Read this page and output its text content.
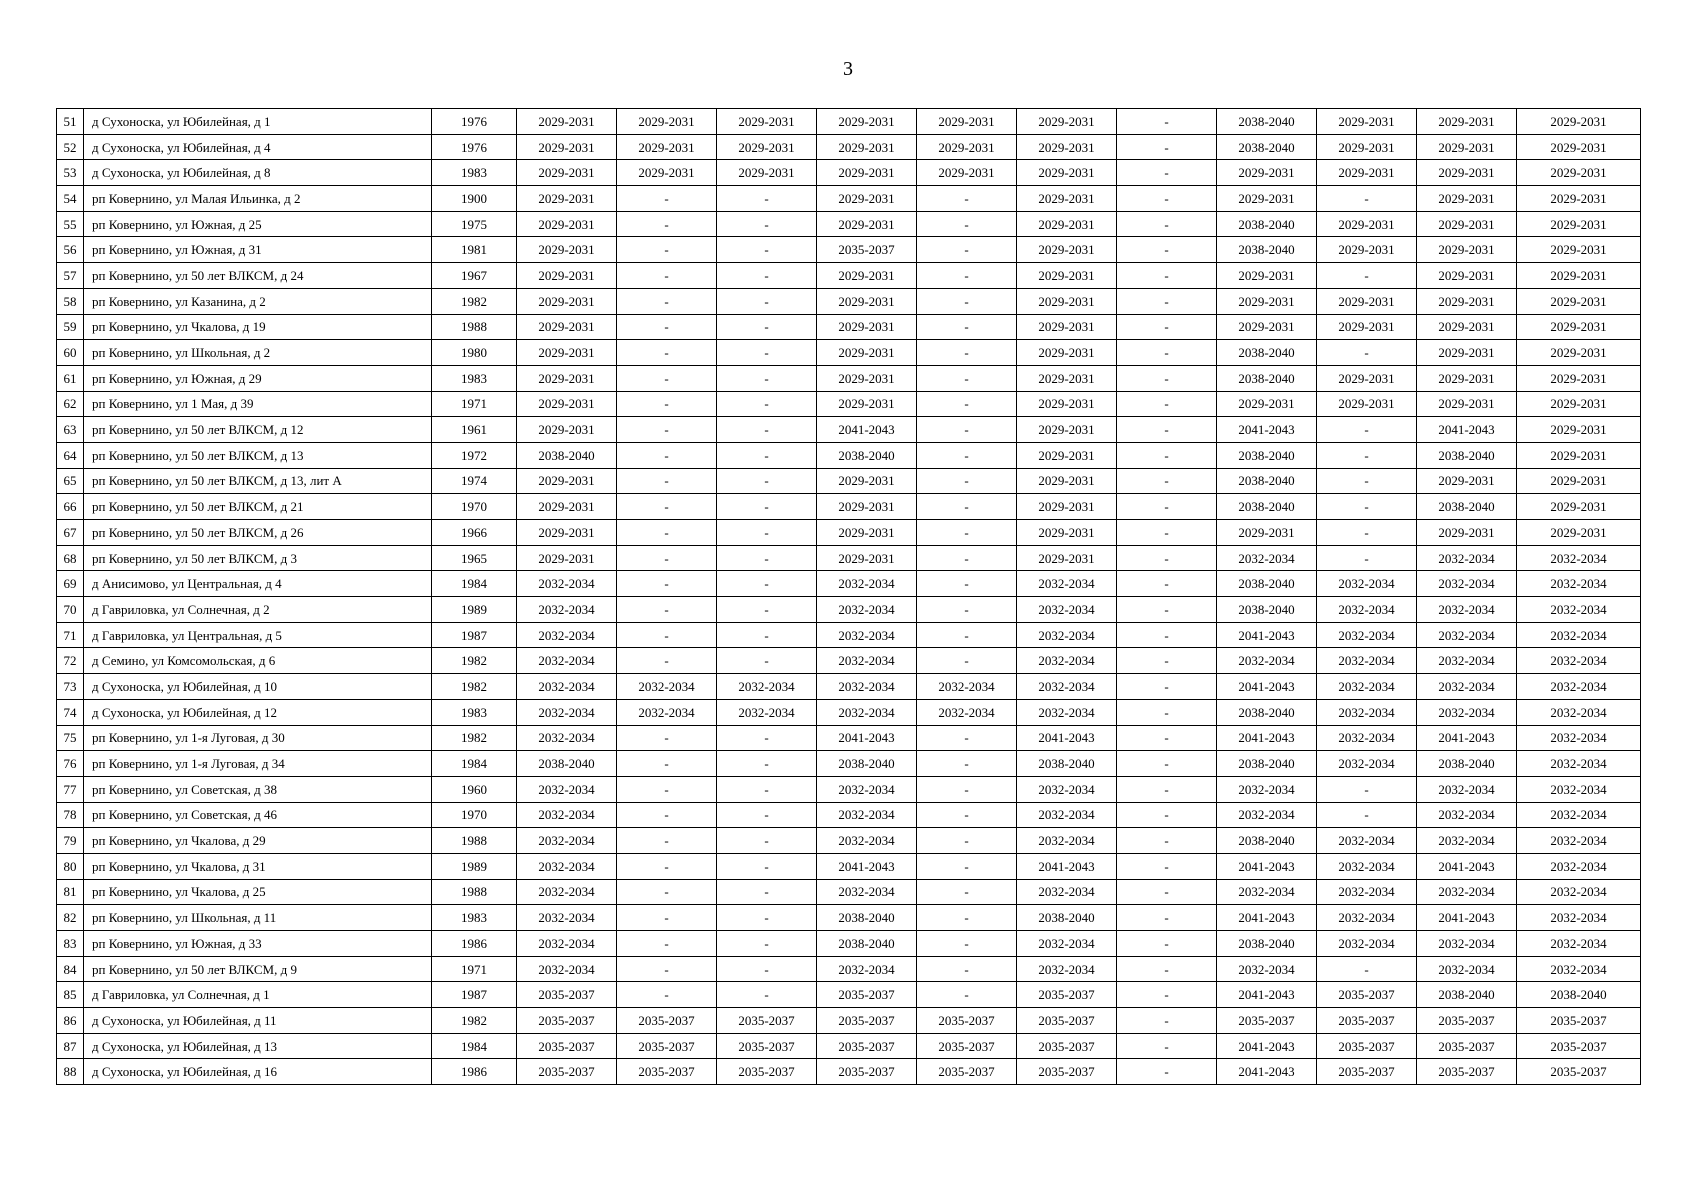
3
51	д Сухоноска, ул Юбилейная, д 1	1976	2029-2031	2029-2031	2029-2031	2029-2031	2029-2031	2029-2031	-	2038-2040	2029-2031	2029-2031	2029-2031
52	д Сухоноска, ул Юбилейная, д 4	1976	2029-2031	2029-2031	2029-2031	2029-2031	2029-2031	2029-2031	-	2038-2040	2029-2031	2029-2031	2029-2031
53	д Сухоноска, ул Юбилейная, д 8	1983	2029-2031	2029-2031	2029-2031	2029-2031	2029-2031	2029-2031	-	2029-2031	2029-2031	2029-2031	2029-2031
54	рп Ковернино, ул Малая Ильинка, д 2	1900	2029-2031	-	-	2029-2031	-	2029-2031	-	2029-2031	-	2029-2031	2029-2031
55	рп Ковернино, ул Южная, д 25	1975	2029-2031	-	-	2029-2031	-	2029-2031	-	2038-2040	2029-2031	2029-2031	2029-2031
56	рп Ковернино, ул Южная, д 31	1981	2029-2031	-	-	2035-2037	-	2029-2031	-	2038-2040	2029-2031	2029-2031	2029-2031
57	рп Ковернино, ул 50 лет ВЛКСМ, д 24	1967	2029-2031	-	-	2029-2031	-	2029-2031	-	2029-2031	-	2029-2031	2029-2031
58	рп Ковернино, ул Казанина, д 2	1982	2029-2031	-	-	2029-2031	-	2029-2031	-	2029-2031	2029-2031	2029-2031	2029-2031
59	рп Ковернино, ул Чкалова, д 19	1988	2029-2031	-	-	2029-2031	-	2029-2031	-	2029-2031	2029-2031	2029-2031	2029-2031
60	рп Ковернино, ул Школьная, д 2	1980	2029-2031	-	-	2029-2031	-	2029-2031	-	2038-2040	-	2029-2031	2029-2031
61	рп Ковернино, ул Южная, д 29	1983	2029-2031	-	-	2029-2031	-	2029-2031	-	2038-2040	2029-2031	2029-2031	2029-2031
62	рп Ковернино, ул 1 Мая, д 39	1971	2029-2031	-	-	2029-2031	-	2029-2031	-	2029-2031	2029-2031	2029-2031	2029-2031
63	рп Ковернино, ул 50 лет ВЛКСМ, д 12	1961	2029-2031	-	-	2041-2043	-	2029-2031	-	2041-2043	-	2041-2043	2029-2031
64	рп Ковернино, ул 50 лет ВЛКСМ, д 13	1972	2038-2040	-	-	2038-2040	-	2029-2031	-	2038-2040	-	2038-2040	2029-2031
65	рп Ковернино, ул 50 лет ВЛКСМ, д 13, лит А	1974	2029-2031	-	-	2029-2031	-	2029-2031	-	2038-2040	-	2029-2031	2029-2031
66	рп Ковернино, ул 50 лет ВЛКСМ, д 21	1970	2029-2031	-	-	2029-2031	-	2029-2031	-	2038-2040	-	2038-2040	2029-2031
67	рп Ковернино, ул 50 лет ВЛКСМ, д 26	1966	2029-2031	-	-	2029-2031	-	2029-2031	-	2029-2031	-	2029-2031	2029-2031
68	рп Ковернино, ул 50 лет ВЛКСМ, д 3	1965	2029-2031	-	-	2029-2031	-	2029-2031	-	2032-2034	-	2032-2034	2032-2034
69	д Анисимово, ул Центральная, д 4	1984	2032-2034	-	-	2032-2034	-	2032-2034	-	2038-2040	2032-2034	2032-2034	2032-2034
70	д Гавриловка, ул Солнечная, д 2	1989	2032-2034	-	-	2032-2034	-	2032-2034	-	2038-2040	2032-2034	2032-2034	2032-2034
71	д Гавриловка, ул Центральная, д 5	1987	2032-2034	-	-	2032-2034	-	2032-2034	-	2041-2043	2032-2034	2032-2034	2032-2034
72	д Семино, ул Комсомольская, д 6	1982	2032-2034	-	-	2032-2034	-	2032-2034	-	2032-2034	2032-2034	2032-2034	2032-2034
73	д Сухоноска, ул Юбилейная, д 10	1982	2032-2034	2032-2034	2032-2034	2032-2034	2032-2034	2032-2034	-	2041-2043	2032-2034	2032-2034	2032-2034
74	д Сухоноска, ул Юбилейная, д 12	1983	2032-2034	2032-2034	2032-2034	2032-2034	2032-2034	2032-2034	-	2038-2040	2032-2034	2032-2034	2032-2034
75	рп Ковернино, ул 1-я Луговая, д 30	1982	2032-2034	-	-	2041-2043	-	2041-2043	-	2041-2043	2032-2034	2041-2043	2032-2034
76	рп Ковернино, ул 1-я Луговая, д 34	1984	2038-2040	-	-	2038-2040	-	2038-2040	-	2038-2040	2032-2034	2038-2040	2032-2034
77	рп Ковернино, ул Советская, д 38	1960	2032-2034	-	-	2032-2034	-	2032-2034	-	2032-2034	-	2032-2034	2032-2034
78	рп Ковернино, ул Советская, д 46	1970	2032-2034	-	-	2032-2034	-	2032-2034	-	2032-2034	-	2032-2034	2032-2034
79	рп Ковернино, ул Чкалова, д 29	1988	2032-2034	-	-	2032-2034	-	2032-2034	-	2038-2040	2032-2034	2032-2034	2032-2034
80	рп Ковернино, ул Чкалова, д 31	1989	2032-2034	-	-	2041-2043	-	2041-2043	-	2041-2043	2032-2034	2041-2043	2032-2034
81	рп Ковернино, ул Чкалова, д 25	1988	2032-2034	-	-	2032-2034	-	2032-2034	-	2032-2034	2032-2034	2032-2034	2032-2034
82	рп Ковернино, ул Школьная, д 11	1983	2032-2034	-	-	2038-2040	-	2038-2040	-	2041-2043	2032-2034	2041-2043	2032-2034
83	рп Ковернино, ул Южная, д 33	1986	2032-2034	-	-	2038-2040	-	2032-2034	-	2038-2040	2032-2034	2032-2034	2032-2034
84	рп Ковернино, ул 50 лет ВЛКСМ, д 9	1971	2032-2034	-	-	2032-2034	-	2032-2034	-	2032-2034	-	2032-2034	2032-2034
85	д Гавриловка, ул Солнечная, д 1	1987	2035-2037	-	-	2035-2037	-	2035-2037	-	2041-2043	2035-2037	2038-2040	2038-2040
86	д Сухоноска, ул Юбилейная, д 11	1982	2035-2037	2035-2037	2035-2037	2035-2037	2035-2037	2035-2037	-	2035-2037	2035-2037	2035-2037	2035-2037
87	д Сухоноска, ул Юбилейная, д 13	1984	2035-2037	2035-2037	2035-2037	2035-2037	2035-2037	2035-2037	-	2041-2043	2035-2037	2035-2037	2035-2037
88	д Сухоноска, ул Юбилейная, д 16	1986	2035-2037	2035-2037	2035-2037	2035-2037	2035-2037	2035-2037	-	2041-2043	2035-2037	2035-2037	2035-2037
